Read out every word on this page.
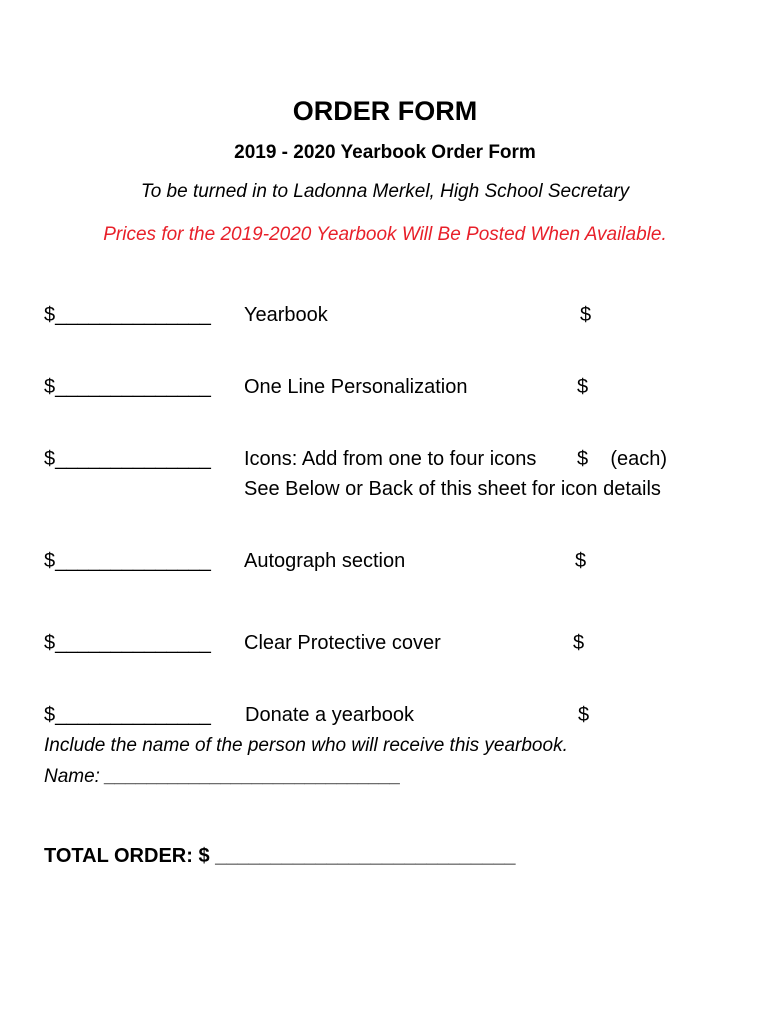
ORDER FORM
2019 - 2020 Yearbook Order Form
To be turned in to Ladonna Merkel, High School Secretary
Prices for the 2019-2020 Yearbook Will Be Posted When Available.
$______________ Yearbook	$
$______________ One Line Personalization	$
$______________ Icons: Add from one to four icons $    (each)
See Below or Back of this sheet for icon details
$______________ Autograph section	$
$______________ Clear Protective cover	$
$______________ Donate a yearbook	$
Include the name of the person who will receive this yearbook.
Name: ____________________________
TOTAL ORDER: $ ___________________________
